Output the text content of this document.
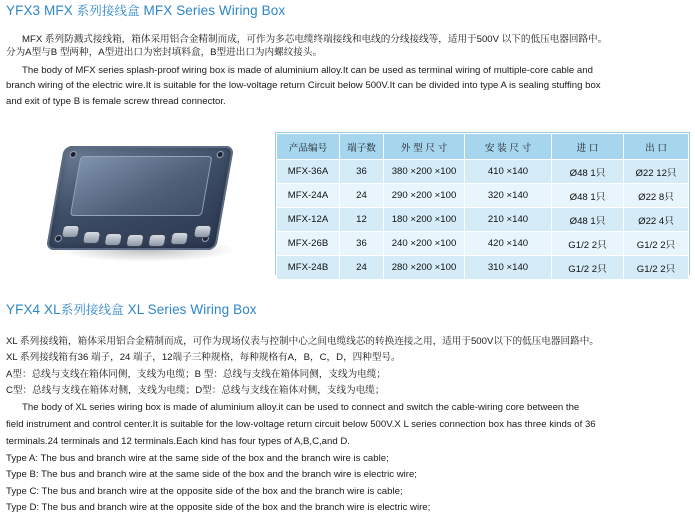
YFX3 MFX 系列接线盒 MFX Series Wiring Box
MFX 系列防溅式接线箱，箱体采用铝合金精制而成，可作为多芯电缆终端接线和电线的分线接线等，适用于500V 以下的低压电器回路中。
分为A型与B 型两种，A型进出口为密封填料盒，B型进出口为内螺纹接头。
The body of MFX series splash-proof wiring box is made of aluminium alloy.It can be used as terminal wiring of multiple-core cable and
branch wiring of the electric wire.It is suitable for the low-voltage return Circuit below 500V.It can be divided into type A is sealing stuffing box
and exit of type B is female screw thread connector.
产品编号	端子数	外 型 尺 寸	安 装 尺 寸	进 口	出 口
MFX-36A	36	380 ×200 ×100	410 ×140	Ø48 1只	Ø22 12只
MFX-24A	24	290 ×200 ×100	320 ×140	Ø48 1只	Ø22 8只
MFX-12A	12	180 ×200 ×100	210 ×140	Ø48 1只	Ø22 4只
MFX-26B	36	240 ×200 ×100	420 ×140	G1/2 2只	G1/2 2只
MFX-24B	24	280 ×200 ×100	310 ×140	G1/2 2只	G1/2 2只
YFX4 XL系列接线盒 XL Series Wiring Box
XL 系列接线箱，箱体采用铝合金精制而成，可作为现场仪表与控制中心之间电缆线芯的转换连接之用，适用于500V以下的低压电器回路中。
XL 系列接线箱有36 端子，24 端子，12端子三种规格，每种规格有A，B，C，D，四种型号。
A型：总线与支线在箱体同侧，支线为电缆；B 型：总线与支线在箱体同侧，支线为电缆；
C型：总线与支线在箱体对侧，支线为电缆；D型：总线与支线在箱体对侧，支线为电缆；
The body of XL series wiring box is made of aluminium alloy.it can be used to connect and switch the cable-wiring core between the
field instrument and control center.It is suitable for the low-voltage return circuit below 500V.X L series connection box has three kinds of 36
terminals.24 terminals and 12 terminals.Each kind has four types of A,B,C,and D.
Type A: The bus and branch wire at the same side of the box and the branch wire is cable;
Type B: The bus and branch wire at the same side of the box and the branch wire is electric wire;
Type C: The bus and branch wire at the opposite side of the box and the branch wire is cable;
Type D: The bus and branch wire at the opposite side of the box and the branch wire is electric wire;
